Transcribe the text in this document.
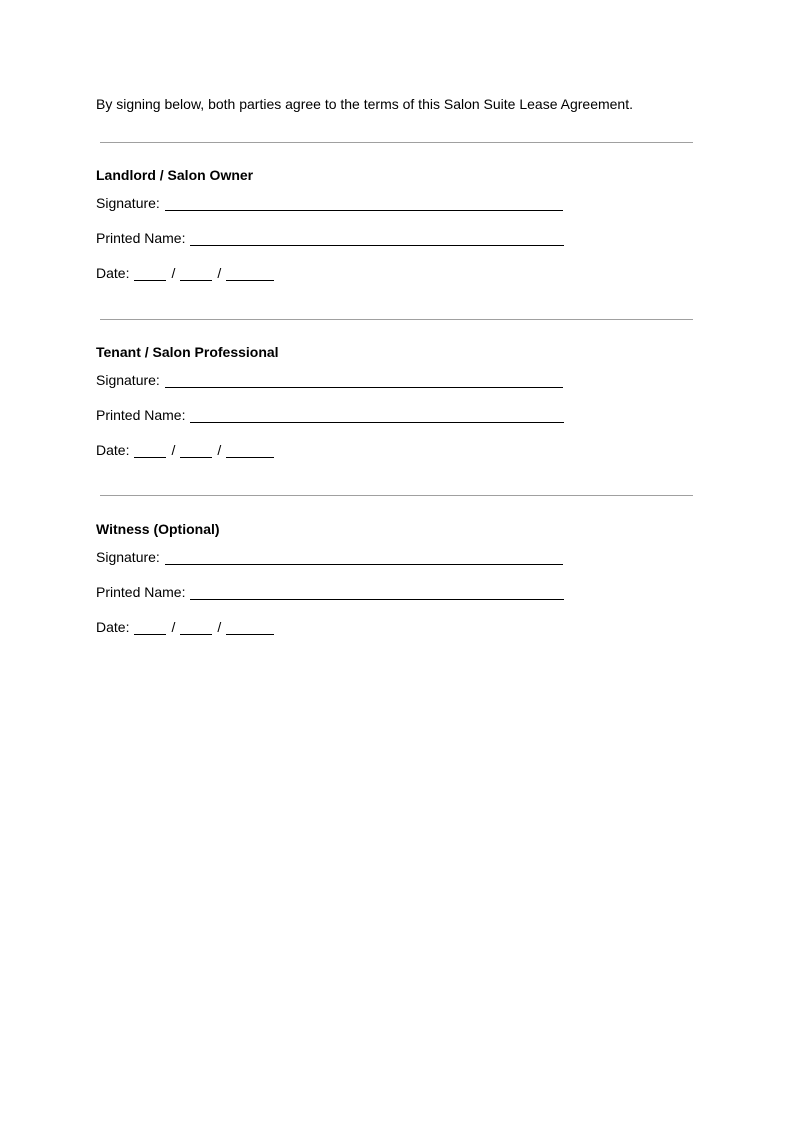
By signing below, both parties agree to the terms of this Salon Suite Lease Agreement.
Landlord / Salon Owner
Signature:
Printed Name:
Date:	/	/
Tenant / Salon Professional
Signature:
Printed Name:
Date:	/	/
Witness (Optional)
Signature:
Printed Name:
Date:	/	/
